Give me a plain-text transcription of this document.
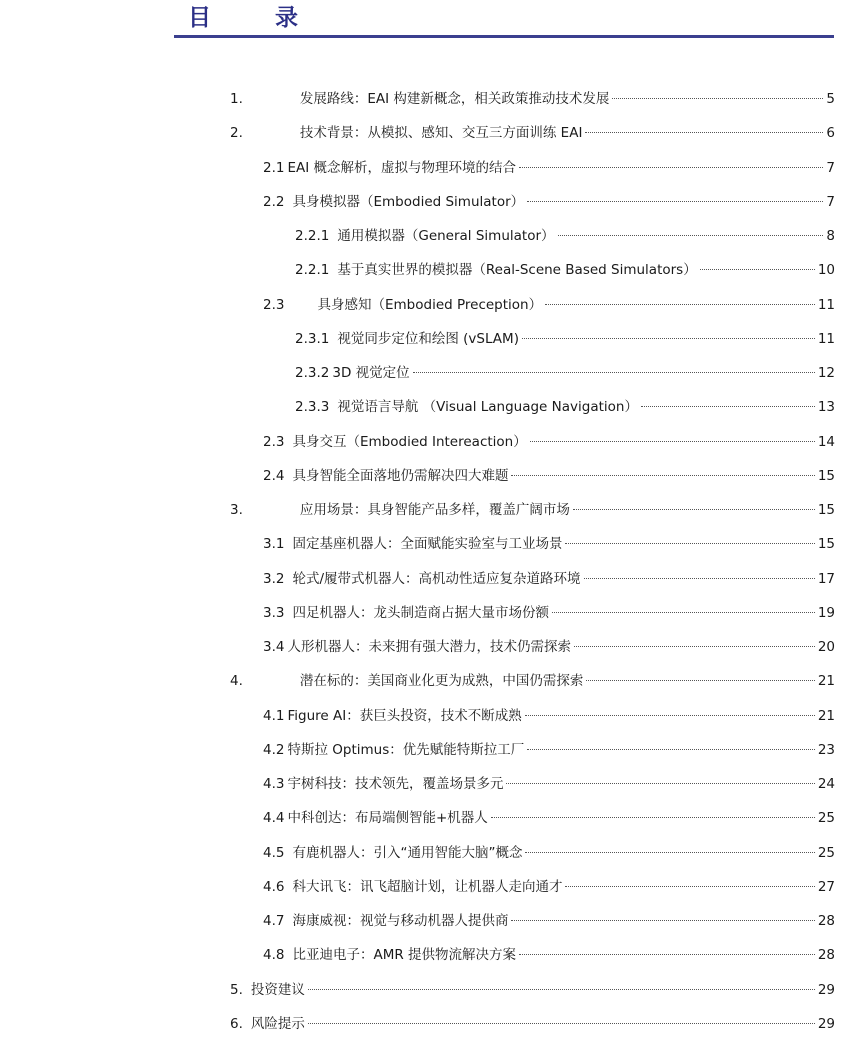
目 录
1.	发展路线：EAI 构建新概念，相关政策推动技术发展	5
2.	技术背景：从模拟、感知、交互三方面训练 EAI	6
2.1 EAI 概念解析，虚拟与物理环境的结合	7
2.2 具身模拟器（Embodied Simulator）	7
2.2.1 通用模拟器（General Simulator）	8
2.2.1 基于真实世界的模拟器（Real-Scene Based Simulators）	10
2.3 具身感知（Embodied Preception）	11
2.3.1 视觉同步定位和绘图 (vSLAM)	11
2.3.2 3D 视觉定位	12
2.3.3 视觉语言导航 （Visual Language Navigation）	13
2.3 具身交互（Embodied Intereaction）	14
2.4 具身智能全面落地仍需解决四大难题	15
3.	应用场景：具身智能产品多样，覆盖广阔市场	15
3.1 固定基座机器人：全面赋能实验室与工业场景	15
3.2 轮式/履带式机器人：高机动性适应复杂道路环境	17
3.3 四足机器人：龙头制造商占据大量市场份额	19
3.4 人形机器人：未来拥有强大潜力，技术仍需探索	20
4.	潜在标的：美国商业化更为成熟，中国仍需探索	21
4.1 Figure AI：获巨头投资，技术不断成熟	21
4.2 特斯拉 Optimus：优先赋能特斯拉工厂	23
4.3 宇树科技：技术领先，覆盖场景多元	24
4.4 中科创达：布局端侧智能+机器人	25
4.5 有鹿机器人：引入“通用智能大脑”概念	25
4.6 科大讯飞：讯飞超脑计划，让机器人走向通才	27
4.7 海康威视：视觉与移动机器人提供商	28
4.8 比亚迪电子：AMR 提供物流解决方案	28
5. 投资建议	29
6. 风险提示	29
